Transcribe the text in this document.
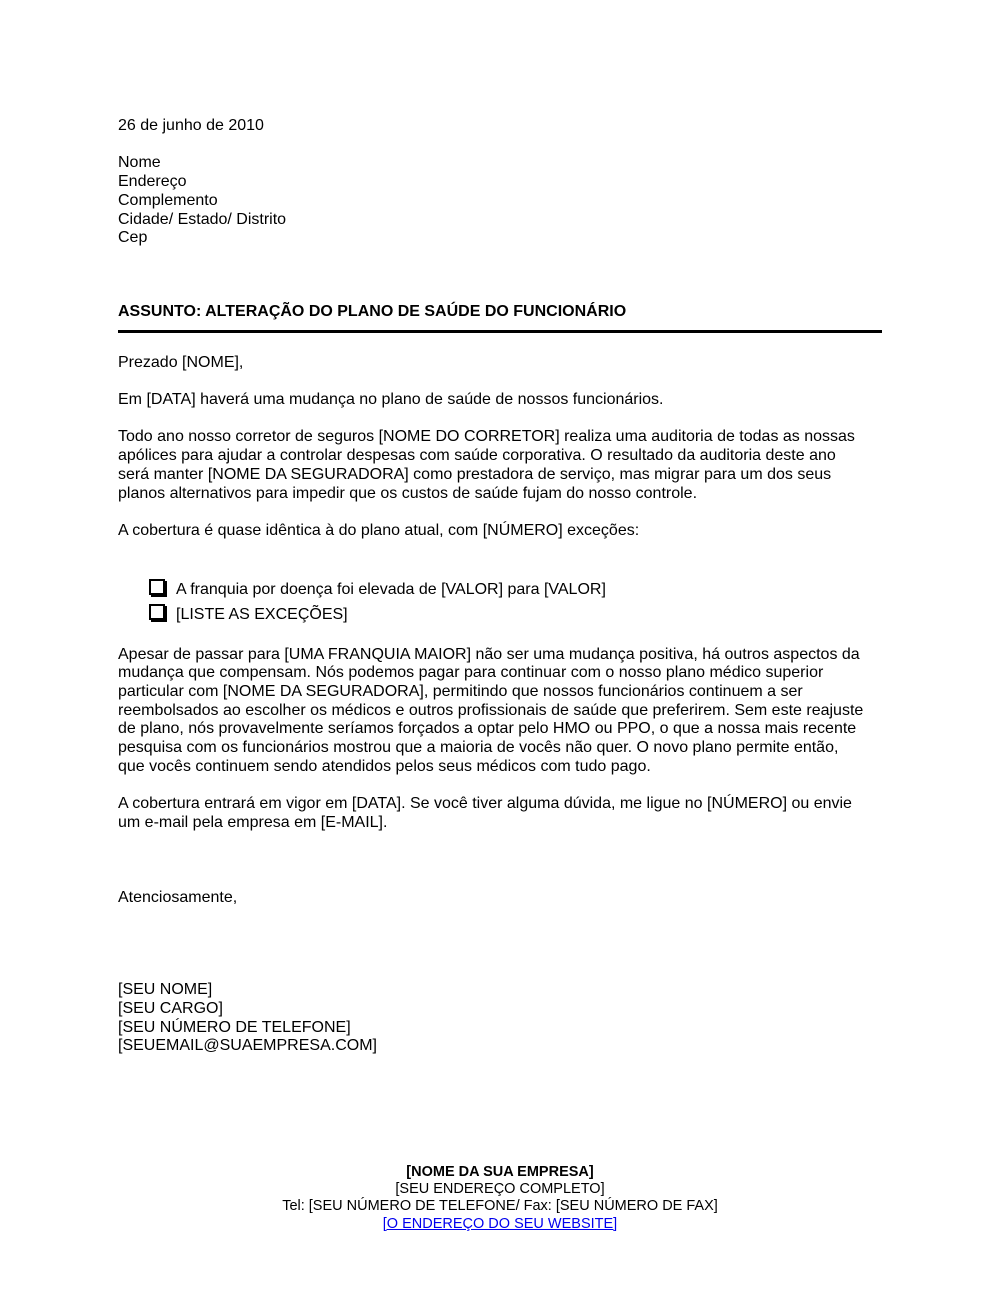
26 de junho de 2010
Nome
Endereço
Complemento
Cidade/ Estado/ Distrito
Cep
ASSUNTO: ALTERAÇÃO DO PLANO DE SAÚDE DO FUNCIONÁRIO
Prezado [NOME],
Em [DATA] haverá uma mudança no plano de saúde de nossos funcionários.
Todo ano nosso corretor de seguros [NOME DO CORRETOR] realiza uma auditoria de todas as nossas
apólices para ajudar a controlar despesas com saúde corporativa. O resultado da auditoria deste ano
será manter [NOME DA SEGURADORA] como prestadora de serviço, mas migrar para um dos seus
planos alternativos para impedir que os custos de saúde fujam do nosso controle.
A cobertura é quase idêntica à do plano atual, com [NÚMERO] exceções:
A franquia por doença foi elevada de [VALOR] para [VALOR]
[LISTE AS EXCEÇÕES]
Apesar de passar para [UMA FRANQUIA MAIOR] não ser uma mudança positiva, há outros aspectos da
mudança que compensam. Nós podemos pagar para continuar com o nosso plano médico superior
particular com [NOME DA SEGURADORA], permitindo que nossos funcionários continuem a ser
reembolsados ao escolher os médicos e outros profissionais de saúde que preferirem. Sem este reajuste
de plano, nós provavelmente seríamos forçados a optar pelo HMO ou PPO, o que a nossa mais recente
pesquisa com os funcionários mostrou que a maioria de vocês não quer. O novo plano permite então,
que vocês continuem sendo atendidos pelos seus médicos com tudo pago.
A cobertura entrará em vigor em [DATA]. Se você tiver alguma dúvida, me ligue no [NÚMERO] ou envie
um e-mail pela empresa em [E-MAIL].
Atenciosamente,
[SEU NOME]
[SEU CARGO]
[SEU NÚMERO DE TELEFONE]
[SEUEMAIL@SUAEMPRESA.COM]
[NOME DA SUA EMPRESA]
[SEU ENDEREÇO COMPLETO]
Tel: [SEU NÚMERO DE TELEFONE/ Fax: [SEU NÚMERO DE FAX]
[O ENDEREÇO DO SEU WEBSITE]
